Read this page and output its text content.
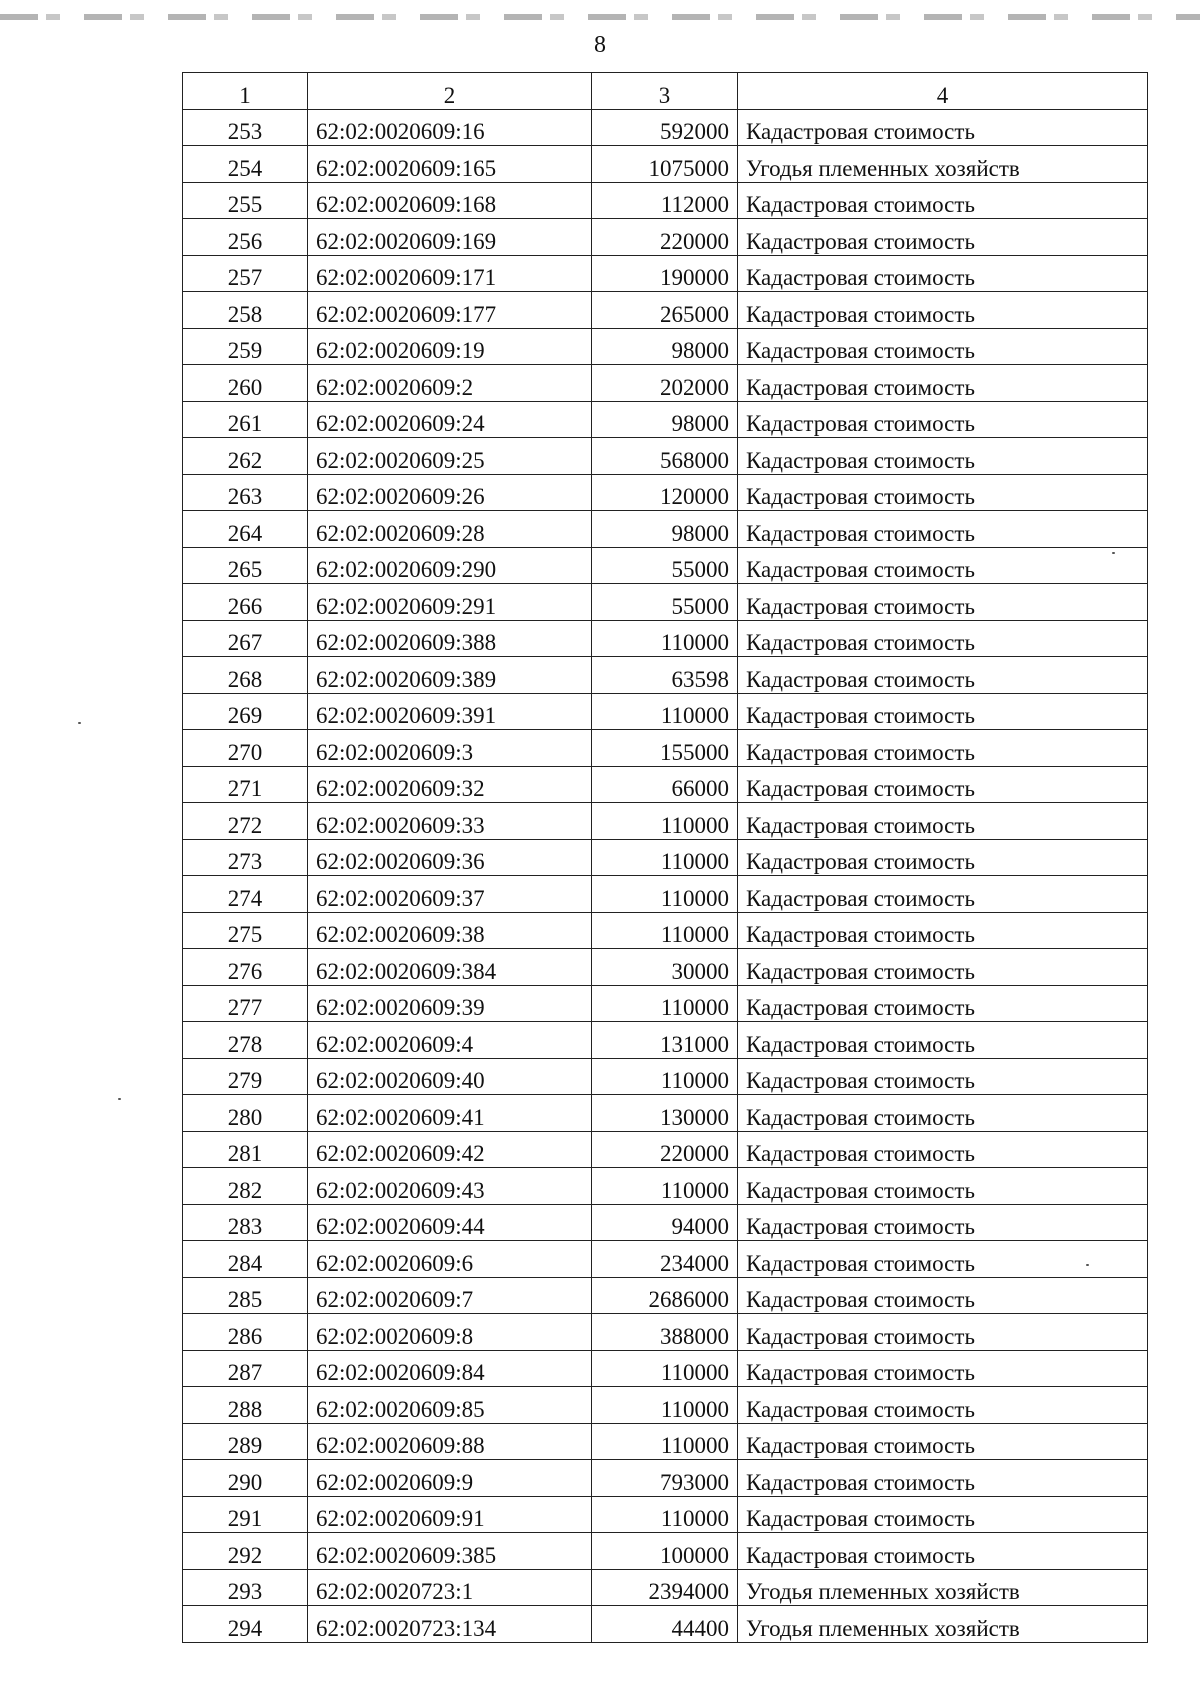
8
1	2	3	4
253	62:02:0020609:16	592000	Кадастровая стоимость
254	62:02:0020609:165	1075000	Угодья племенных хозяйств
255	62:02:0020609:168	112000	Кадастровая стоимость
256	62:02:0020609:169	220000	Кадастровая стоимость
257	62:02:0020609:171	190000	Кадастровая стоимость
258	62:02:0020609:177	265000	Кадастровая стоимость
259	62:02:0020609:19	98000	Кадастровая стоимость
260	62:02:0020609:2	202000	Кадастровая стоимость
261	62:02:0020609:24	98000	Кадастровая стоимость
262	62:02:0020609:25	568000	Кадастровая стоимость
263	62:02:0020609:26	120000	Кадастровая стоимость
264	62:02:0020609:28	98000	Кадастровая стоимость
265	62:02:0020609:290	55000	Кадастровая стоимость
266	62:02:0020609:291	55000	Кадастровая стоимость
267	62:02:0020609:388	110000	Кадастровая стоимость
268	62:02:0020609:389	63598	Кадастровая стоимость
269	62:02:0020609:391	110000	Кадастровая стоимость
270	62:02:0020609:3	155000	Кадастровая стоимость
271	62:02:0020609:32	66000	Кадастровая стоимость
272	62:02:0020609:33	110000	Кадастровая стоимость
273	62:02:0020609:36	110000	Кадастровая стоимость
274	62:02:0020609:37	110000	Кадастровая стоимость
275	62:02:0020609:38	110000	Кадастровая стоимость
276	62:02:0020609:384	30000	Кадастровая стоимость
277	62:02:0020609:39	110000	Кадастровая стоимость
278	62:02:0020609:4	131000	Кадастровая стоимость
279	62:02:0020609:40	110000	Кадастровая стоимость
280	62:02:0020609:41	130000	Кадастровая стоимость
281	62:02:0020609:42	220000	Кадастровая стоимость
282	62:02:0020609:43	110000	Кадастровая стоимость
283	62:02:0020609:44	94000	Кадастровая стоимость
284	62:02:0020609:6	234000	Кадастровая стоимость
285	62:02:0020609:7	2686000	Кадастровая стоимость
286	62:02:0020609:8	388000	Кадастровая стоимость
287	62:02:0020609:84	110000	Кадастровая стоимость
288	62:02:0020609:85	110000	Кадастровая стоимость
289	62:02:0020609:88	110000	Кадастровая стоимость
290	62:02:0020609:9	793000	Кадастровая стоимость
291	62:02:0020609:91	110000	Кадастровая стоимость
292	62:02:0020609:385	100000	Кадастровая стоимость
293	62:02:0020723:1	2394000	Угодья племенных хозяйств
294	62:02:0020723:134	44400	Угодья племенных хозяйств
